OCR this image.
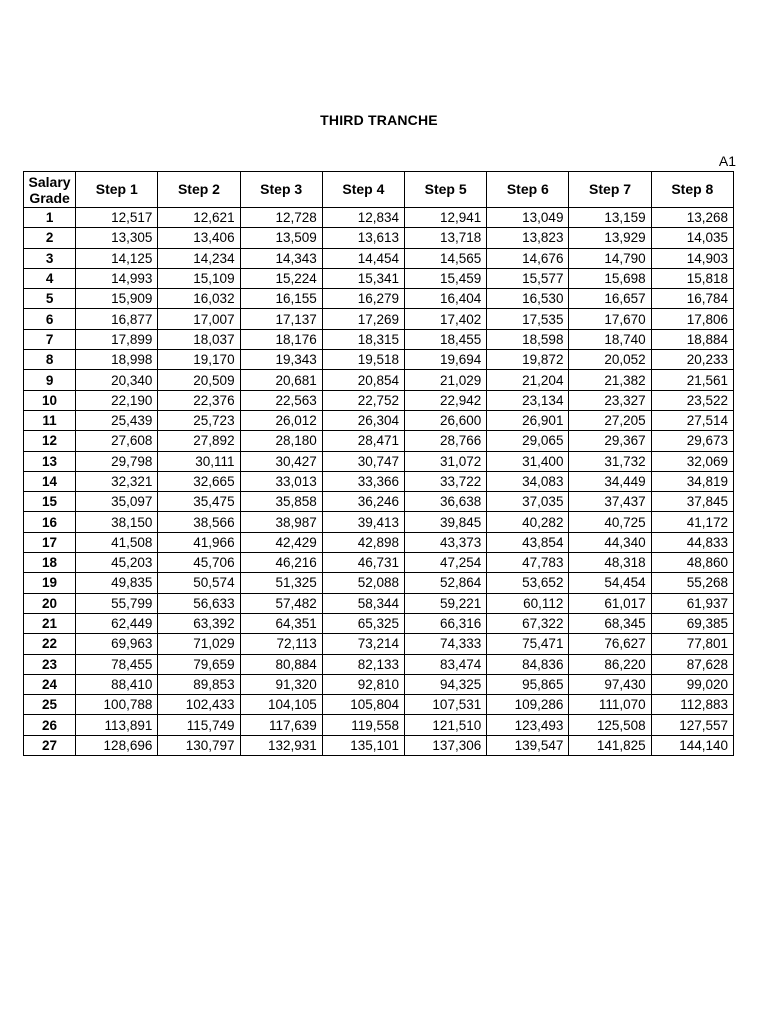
THIRD TRANCHE
A1
Salary
Grade	Step 1	Step 2	Step 3	Step 4	Step 5	Step 6	Step 7	Step 8
1	12,517	12,621	12,728	12,834	12,941	13,049	13,159	13,268
2	13,305	13,406	13,509	13,613	13,718	13,823	13,929	14,035
3	14,125	14,234	14,343	14,454	14,565	14,676	14,790	14,903
4	14,993	15,109	15,224	15,341	15,459	15,577	15,698	15,818
5	15,909	16,032	16,155	16,279	16,404	16,530	16,657	16,784
6	16,877	17,007	17,137	17,269	17,402	17,535	17,670	17,806
7	17,899	18,037	18,176	18,315	18,455	18,598	18,740	18,884
8	18,998	19,170	19,343	19,518	19,694	19,872	20,052	20,233
9	20,340	20,509	20,681	20,854	21,029	21,204	21,382	21,561
10	22,190	22,376	22,563	22,752	22,942	23,134	23,327	23,522
11	25,439	25,723	26,012	26,304	26,600	26,901	27,205	27,514
12	27,608	27,892	28,180	28,471	28,766	29,065	29,367	29,673
13	29,798	30,111	30,427	30,747	31,072	31,400	31,732	32,069
14	32,321	32,665	33,013	33,366	33,722	34,083	34,449	34,819
15	35,097	35,475	35,858	36,246	36,638	37,035	37,437	37,845
16	38,150	38,566	38,987	39,413	39,845	40,282	40,725	41,172
17	41,508	41,966	42,429	42,898	43,373	43,854	44,340	44,833
18	45,203	45,706	46,216	46,731	47,254	47,783	48,318	48,860
19	49,835	50,574	51,325	52,088	52,864	53,652	54,454	55,268
20	55,799	56,633	57,482	58,344	59,221	60,112	61,017	61,937
21	62,449	63,392	64,351	65,325	66,316	67,322	68,345	69,385
22	69,963	71,029	72,113	73,214	74,333	75,471	76,627	77,801
23	78,455	79,659	80,884	82,133	83,474	84,836	86,220	87,628
24	88,410	89,853	91,320	92,810	94,325	95,865	97,430	99,020
25	100,788	102,433	104,105	105,804	107,531	109,286	111,070	112,883
26	113,891	115,749	117,639	119,558	121,510	123,493	125,508	127,557
27	128,696	130,797	132,931	135,101	137,306	139,547	141,825	144,140
